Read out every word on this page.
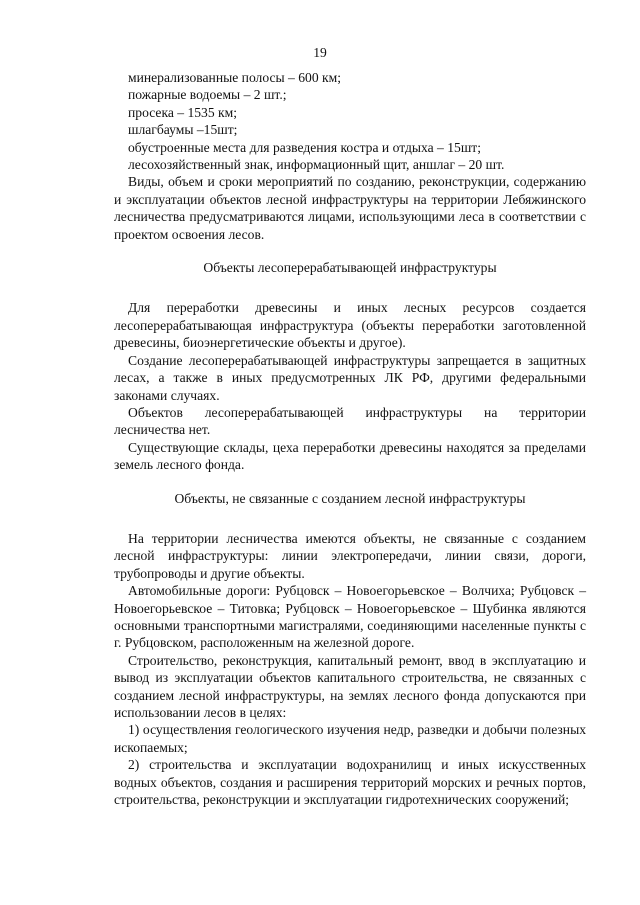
19
минерализованные полосы – 600 км;
пожарные водоемы – 2 шт.;
просека – 1535 км;
шлагбаумы –15шт;
обустроенные места для разведения костра и отдыха – 15шт;
лесохозяйственный знак, информационный щит, аншлаг – 20 шт.
Виды, объем и сроки мероприятий по созданию, реконструкции, содержанию и эксплуатации объектов лесной инфраструктуры на территории Лебяжинского лесничества предусматриваются лицами, использующими леса в соответствии с проектом освоения лесов.
Объекты лесоперерабатывающей инфраструктуры
Для переработки древесины и иных лесных ресурсов создается лесоперерабатывающая инфраструктура (объекты переработки заготовленной древесины, биоэнергетические объекты и другое).
Создание лесоперерабатывающей инфраструктуры запрещается в защитных лесах, а также в иных предусмотренных ЛК РФ, другими федеральными законами случаях.
Объектов лесоперерабатывающей инфраструктуры на территории лесничества нет.
Существующие склады, цеха переработки древесины находятся за пределами земель лесного фонда.
Объекты, не связанные с созданием лесной инфраструктуры
На территории лесничества имеются объекты, не связанные с созданием лесной инфраструктуры: линии электропередачи, линии связи, дороги, трубопроводы и другие объекты.
Автомобильные дороги: Рубцовск – Новоегорьевское – Волчиха; Рубцовск – Новоегорьевское – Титовка; Рубцовск – Новоегорьевское – Шубинка являются основными транспортными магистралями, соединяющими населенные пункты с г. Рубцовском, расположенным на железной дороге.
Строительство, реконструкция, капитальный ремонт, ввод в эксплуатацию и вывод из эксплуатации объектов капитального строительства, не связанных с созданием лесной инфраструктуры, на землях лесного фонда допускаются при использовании лесов в целях:
1) осуществления геологического изучения недр, разведки и добычи полезных ископаемых;
2) строительства и эксплуатации водохранилищ и иных искусственных водных объектов, создания и расширения территорий морских и речных портов, строительства, реконструкции и эксплуатации гидротехнических сооружений;
